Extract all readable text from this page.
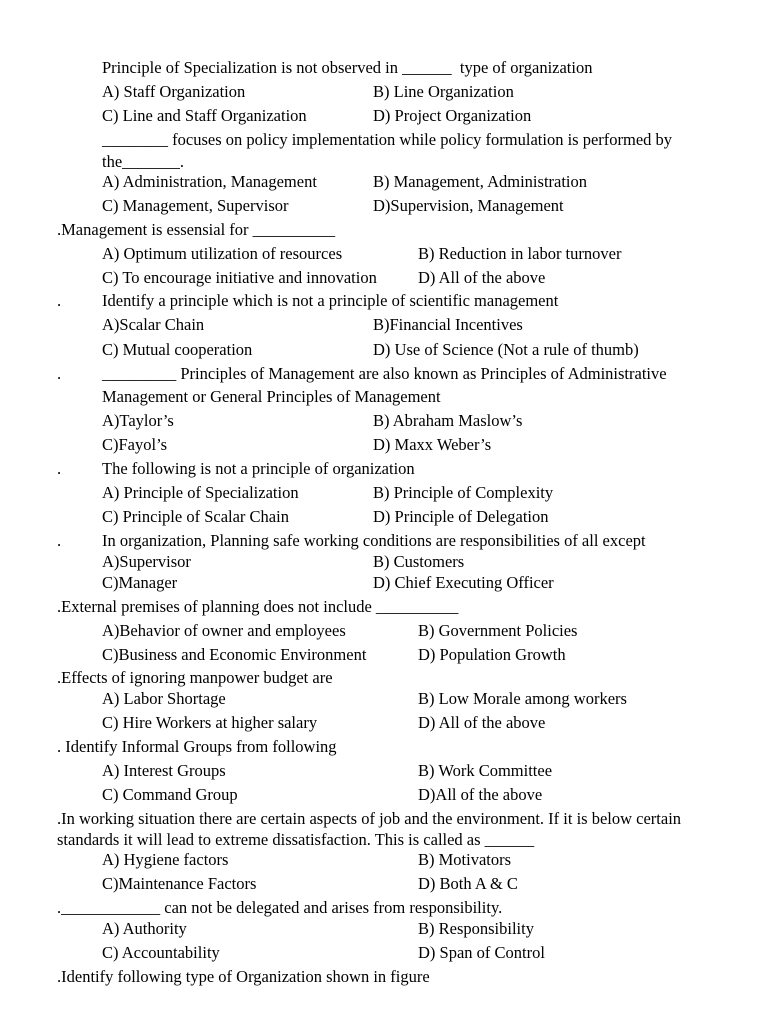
Principle of Specialization is not observed in ______  type of organization
A) Staff Organization	B) Line Organization
C) Line and Staff Organization	D) Project Organization
________ focuses on policy implementation while policy formulation is performed by
the_______.
A) Administration, Management	B) Management, Administration
C) Management, Supervisor	D)Supervision, Management
.Management is essensial for __________
A) Optimum utilization of resources	B) Reduction in labor turnover
C) To encourage initiative and innovation D) All of the above
. Identify a principle which is not a principle of scientific management
A)Scalar Chain	B)Financial Incentives
C) Mutual cooperation	D) Use of Science (Not a rule of thumb)
. _________ Principles of Management are also known as Principles of Administrative
Management or General Principles of Management
A)Taylor’s	B) Abraham Maslow’s
C)Fayol’s	D) Maxx Weber’s
. The following is not a principle of organization
A) Principle of Specialization	B) Principle of Complexity
C) Principle of Scalar Chain	D) Principle of Delegation
. In organization, Planning safe working conditions are responsibilities of all except
A)Supervisor	B) Customers
C)Manager	D) Chief Executing Officer
.External premises of planning does not include __________
A)Behavior of owner and employees	B) Government Policies
C)Business and Economic Environment	D) Population Growth
.Effects of ignoring manpower budget are
A) Labor Shortage	B) Low Morale among workers
C) Hire Workers at higher salary	D) All of the above
. Identify Informal Groups from following
A) Interest Groups	B) Work Committee
C) Command Group	D)All of the above
.In working situation there are certain aspects of job and the environment. If it is below certain
standards it will lead to extreme dissatisfaction. This is called as ______
A) Hygiene factors	B) Motivators
C)Maintenance Factors	D) Both A & C
.____________ can not be delegated and arises from responsibility.
A) Authority	B) Responsibility
C) Accountability	D) Span of Control
.Identify following type of Organization shown in figure
